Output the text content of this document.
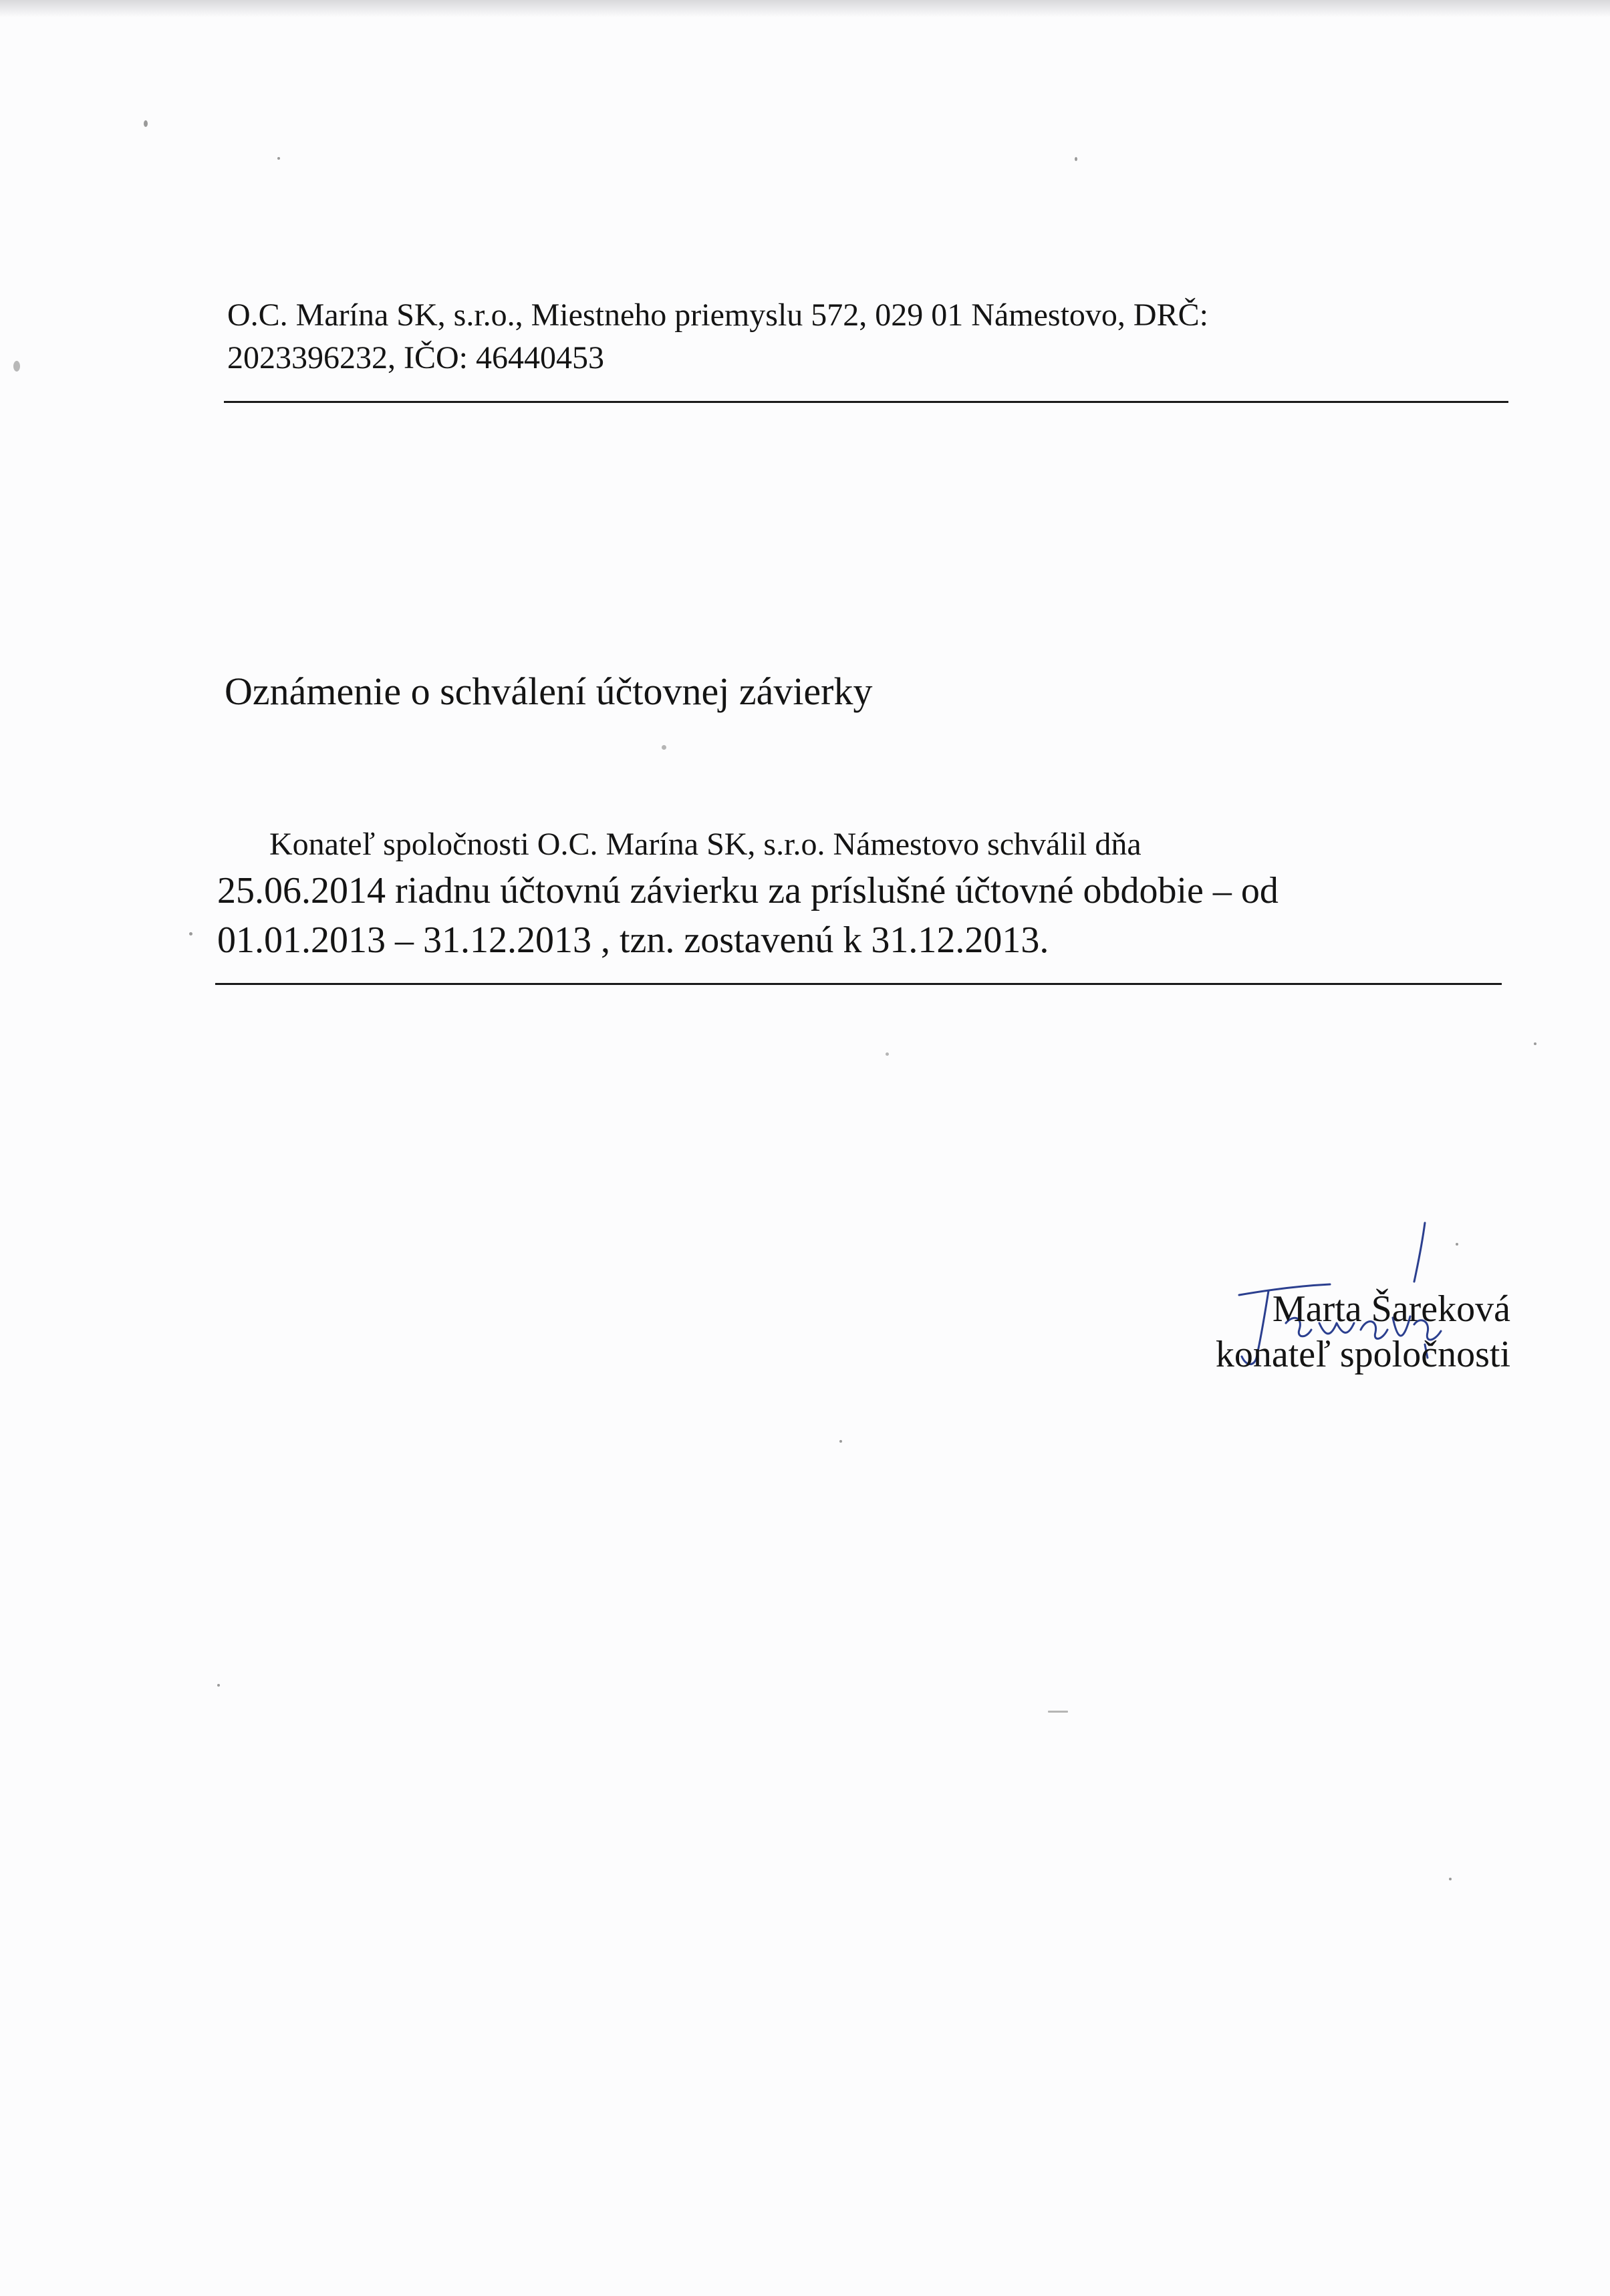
O.C. Marína SK, s.r.o., Miestneho priemyslu 572, 029 01 Námestovo, DRČ:
2023396232, IČO: 46440453
Oznámenie o schválení účtovnej závierky
Konateľ spoločnosti O.C. Marína SK, s.r.o. Námestovo schválil dňa
25.06.2014 riadnu účtovnú závierku za príslušné účtovné obdobie – od
01.01.2013 – 31.12.2013 , tzn. zostavenú k 31.12.2013.
Marta Šareková
konateľ spoločnosti
